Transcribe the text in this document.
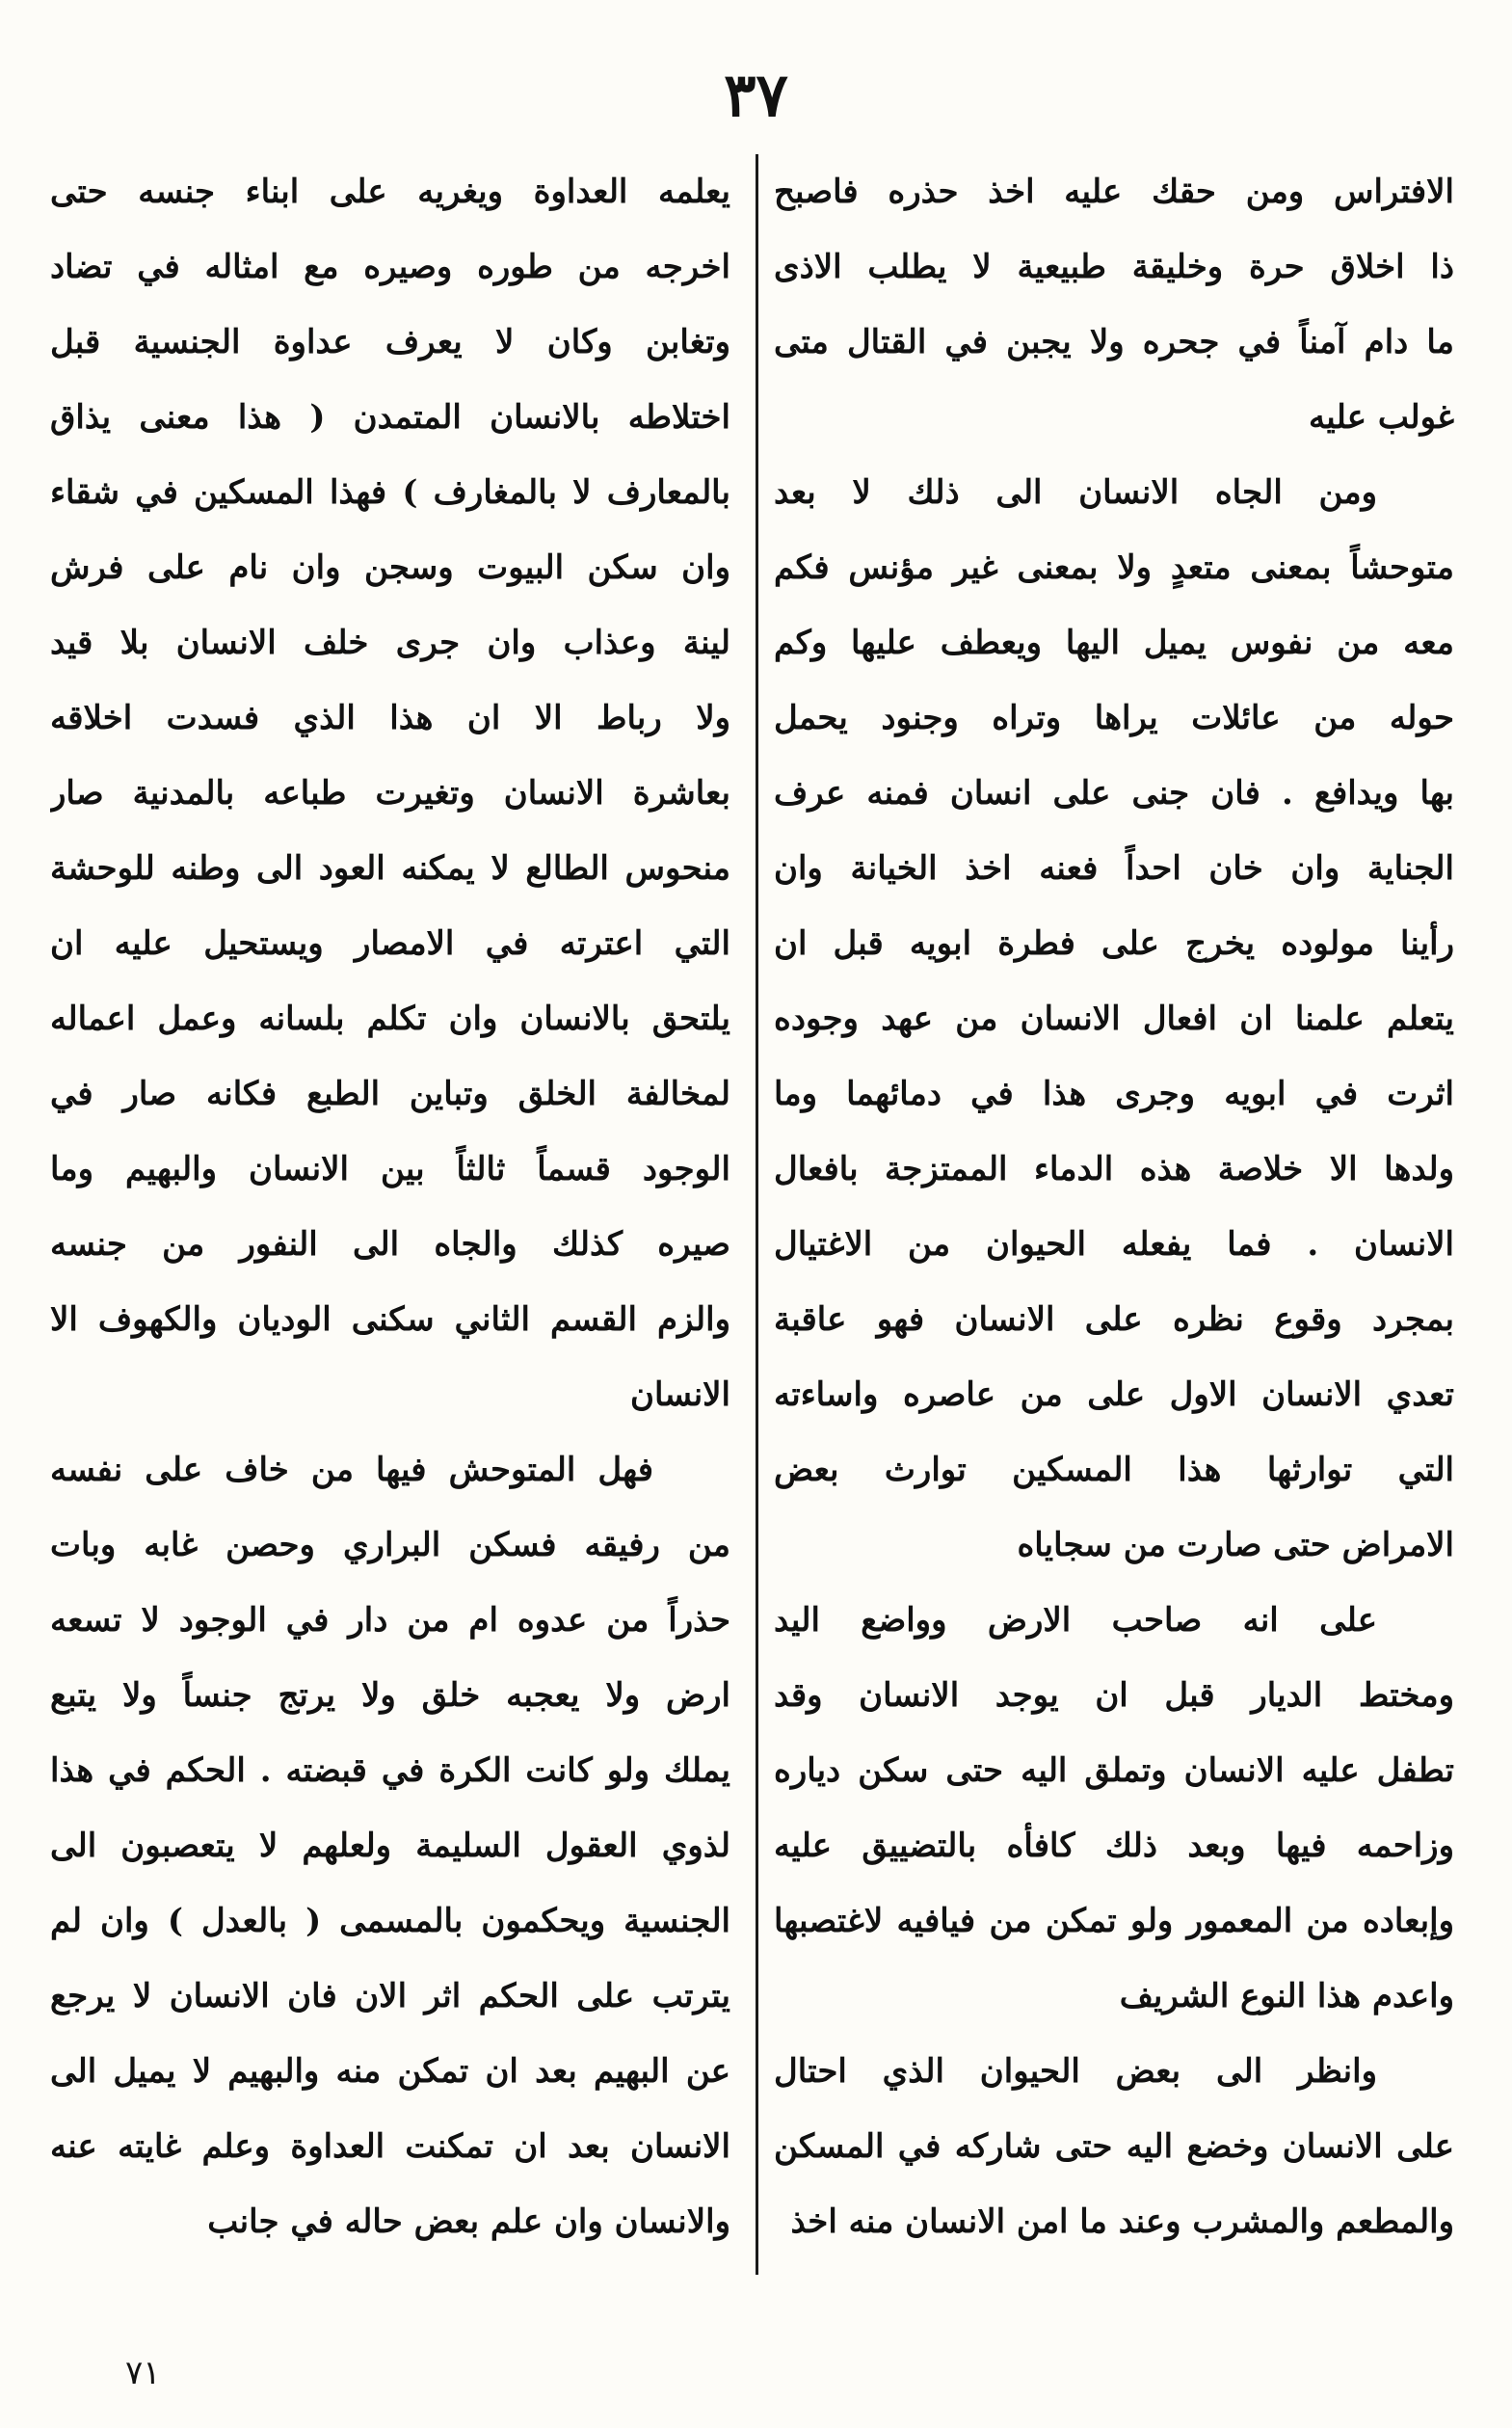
٣٧
الافتراس ومن حقك عليه اخذ حذره فاصبح
ذا اخلاق حرة وخليقة طبيعية لا يطلب الاذى
ما دام آمناً في جحره ولا يجبن في القتال متى
غولب عليه
ومن الجاه الانسان الى ذلك لا بعد
متوحشاً بمعنى متعدٍ ولا بمعنى غير مؤنس فكم
معه من نفوس يميل اليها ويعطف عليها وكم
حوله من عائلات يراها وتراه وجنود يحمل
بها ويدافع . فان جنى على انسان فمنه عرف
الجناية وان خان احداً فعنه اخذ الخيانة وان
رأينا مولوده يخرج على فطرة ابويه قبل ان
يتعلم علمنا ان افعال الانسان من عهد وجوده
اثرت في ابويه وجرى هذا في دمائهما وما
ولدها الا خلاصة هذه الدماء الممتزجة بافعال
الانسان . فما يفعله الحيوان من الاغتيال
بمجرد وقوع نظره على الانسان فهو عاقبة
تعدي الانسان الاول على من عاصره واساءته
التي توارثها هذا المسكين توارث بعض
الامراض حتى صارت من سجاياه
على انه صاحب الارض وواضع اليد
ومختط الديار قبل ان يوجد الانسان وقد
تطفل عليه الانسان وتملق اليه حتى سكن دياره
وزاحمه فيها وبعد ذلك كافأه بالتضييق عليه
وإبعاده من المعمور ولو تمكن من فيافيه لاغتصبها
واعدم هذا النوع الشريف
وانظر الى بعض الحيوان الذي احتال
على الانسان وخضع اليه حتى شاركه في المسكن
والمطعم والمشرب وعند ما امن الانسان منه اخذ
يعلمه العداوة ويغريه على ابناء جنسه حتى
اخرجه من طوره وصيره مع امثاله في تضاد
وتغابن وكان لا يعرف عداوة الجنسية قبل
اختلاطه بالانسان المتمدن ( هذا معنى يذاق
بالمعارف لا بالمغارف ) فهذا المسكين في شقاء
وان سكن البيوت وسجن وان نام على فرش
لينة وعذاب وان جرى خلف الانسان بلا قيد
ولا رباط الا ان هذا الذي فسدت اخلاقه
بعاشرة الانسان وتغيرت طباعه بالمدنية صار
منحوس الطالع لا يمكنه العود الى وطنه للوحشة
التي اعترته في الامصار ويستحيل عليه ان
يلتحق بالانسان وان تكلم بلسانه وعمل اعماله
لمخالفة الخلق وتباين الطبع فكانه صار في
الوجود قسماً ثالثاً بين الانسان والبهيم وما
صيره كذلك والجاه الى النفور من جنسه
والزم القسم الثاني سكنى الوديان والكهوف الا
الانسان
فهل المتوحش فيها من خاف على نفسه
من رفيقه فسكن البراري وحصن غابه وبات
حذراً من عدوه ام من دار في الوجود لا تسعه
ارض ولا يعجبه خلق ولا يرتج جنساً ولا يتبع
يملك ولو كانت الكرة في قبضته . الحكم في هذا
لذوي العقول السليمة ولعلهم لا يتعصبون الى
الجنسية ويحكمون بالمسمى ( بالعدل ) وان لم
يترتب على الحكم اثر الان فان الانسان لا يرجع
عن البهيم بعد ان تمكن منه والبهيم لا يميل الى
الانسان بعد ان تمكنت العداوة وعلم غايته عنه
والانسان وان علم بعض حاله في جانب
٧١
